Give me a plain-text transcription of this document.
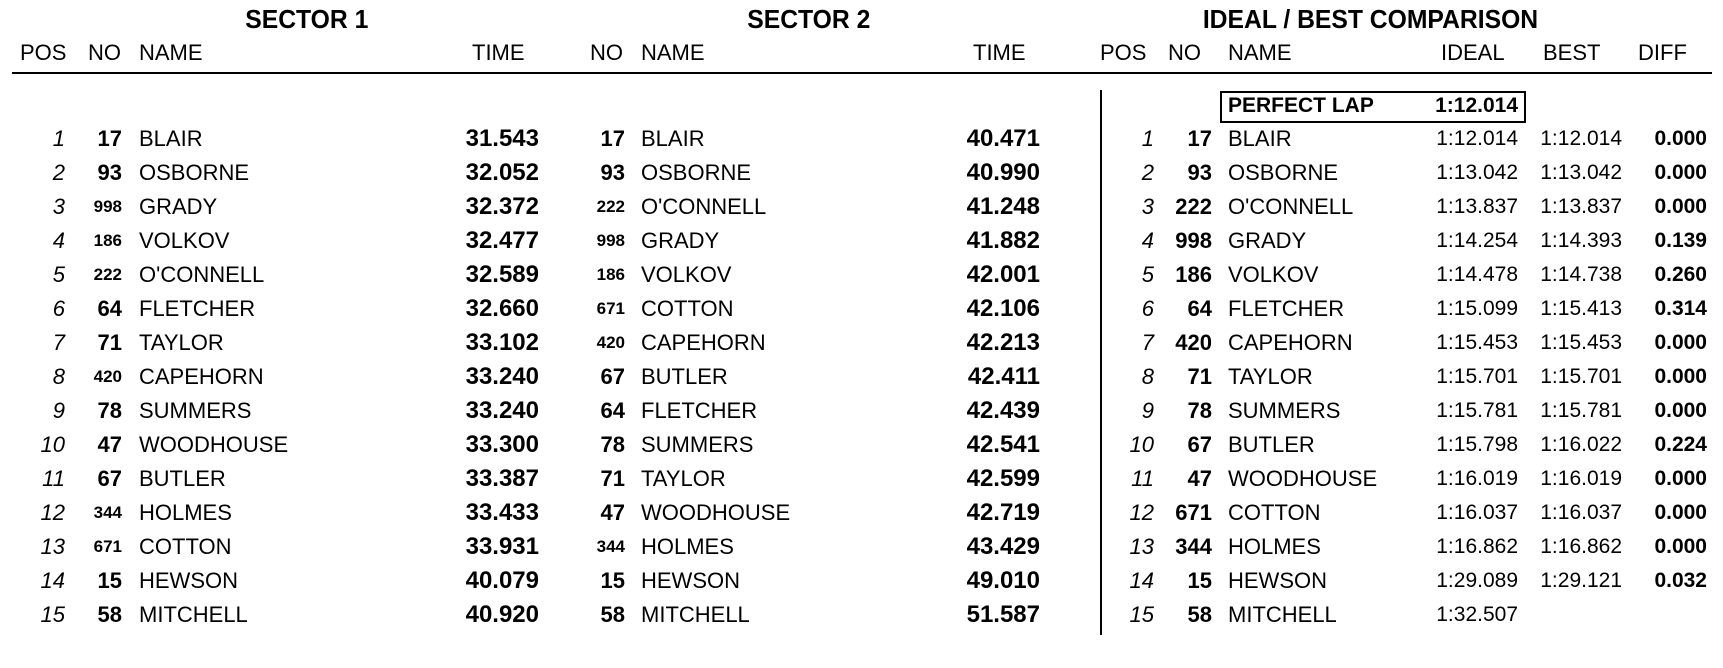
SECTOR 1	SECTOR 2	IDEAL / BEST COMPARISON
POS NO NAME	TIME	NO NAME	TIME	POS NO NAME	IDEAL BEST DIFF
PERFECT LAP	1:12.014
1	17 BLAIR	31.543
2	93 OSBORNE	32.052
3	998 GRADY	32.372
4	186 VOLKOV	32.477
5	222 O'CONNELL	32.589
6	64 FLETCHER	32.660
7	71 TAYLOR	33.102
8	420 CAPEHORN	33.240
9	78 SUMMERS	33.240
10	47 WOODHOUSE	33.300
11	67 BUTLER	33.387
12	344 HOLMES	33.433
13	671 COTTON	33.931
14	15 HEWSON	40.079
15	58 MITCHELL	40.920
17 BLAIR	40.471
93 OSBORNE	40.990
222 O'CONNELL	41.248
998 GRADY	41.882
186 VOLKOV	42.001
671 COTTON	42.106
420 CAPEHORN	42.213
67 BUTLER	42.411
64 FLETCHER	42.439
78 SUMMERS	42.541
71 TAYLOR	42.599
47 WOODHOUSE	42.719
344 HOLMES	43.429
15 HEWSON	49.010
58 MITCHELL	51.587
1	17 BLAIR	1:12.014	1:12.014	0.000
2	93 OSBORNE	1:13.042	1:13.042	0.000
3 222 O'CONNELL	1:13.837	1:13.837	0.000
4 998 GRADY	1:14.254	1:14.393	0.139
5 186 VOLKOV	1:14.478	1:14.738	0.260
6	64 FLETCHER	1:15.099	1:15.413	0.314
7 420 CAPEHORN	1:15.453	1:15.453	0.000
8	71 TAYLOR	1:15.701	1:15.701	0.000
9	78 SUMMERS	1:15.781	1:15.781	0.000
10	67 BUTLER	1:15.798	1:16.022	0.224
11	47 WOODHOUSE	1:16.019	1:16.019	0.000
12 671 COTTON	1:16.037	1:16.037	0.000
13 344 HOLMES	1:16.862	1:16.862	0.000
14	15 HEWSON	1:29.089	1:29.121	0.032
15	58 MITCHELL	1:32.507
